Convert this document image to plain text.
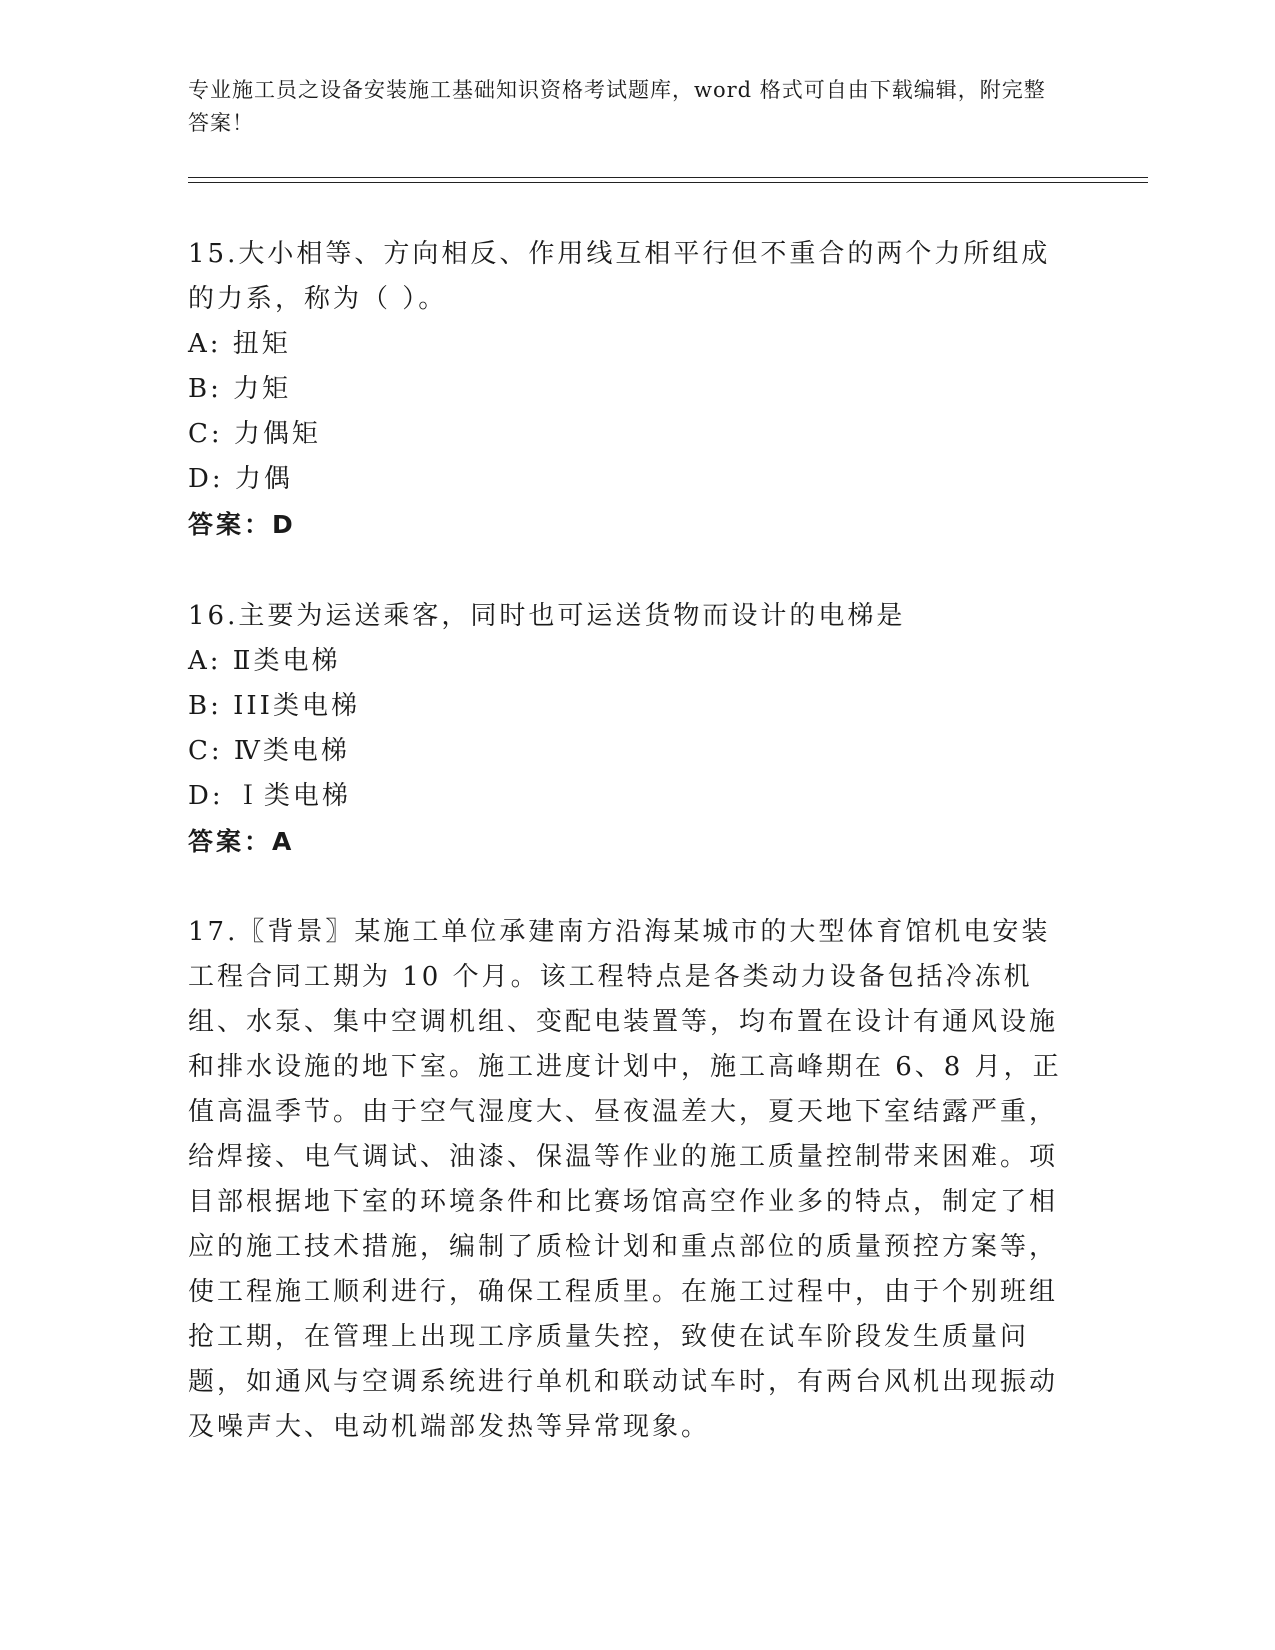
专业施工员之设备安装施工基础知识资格考试题库，word 格式可自由下载编辑，附完整答案！

15.大小相等、方向相反、作用线互相平行但不重合的两个力所组成的力系，称为（ ）。

A: 扭矩

B: 力矩

C: 力偶矩

D: 力偶

答案：D

16.主要为运送乘客，同时也可运送货物而设计的电梯是

A: Ⅱ类电梯

B: III类电梯

C: Ⅳ类电梯

D: Ｉ类电梯

答案：A

17.〖背景〗某施工单位承建南方沿海某城市的大型体育馆机电安装工程合同工期为 10 个月。该工程特点是各类动力设备包括冷冻机组、水泵、集中空调机组、变配电装置等，均布置在设计有通风设施和排水设施的地下室。施工进度计划中，施工高峰期在 6、8 月，正值高温季节。由于空气湿度大、昼夜温差大，夏天地下室结露严重，给焊接、电气调试、油漆、保温等作业的施工质量控制带来困难。项目部根据地下室的环境条件和比赛场馆高空作业多的特点，制定了相应的施工技术措施，编制了质检计划和重点部位的质量预控方案等，使工程施工顺利进行，确保工程质里。在施工过程中，由于个别班组抢工期，在管理上出现工序质量失控，致使在试车阶段发生质量问题，如通风与空调系统进行单机和联动试车时，有两台风机出现振动及噪声大、电动机端部发热等异常现象。
